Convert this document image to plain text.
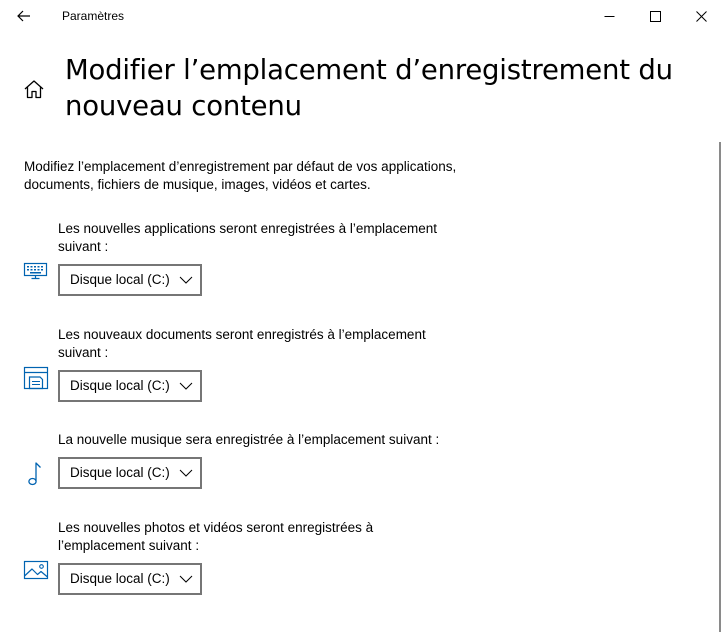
Paramètres
Modifier l’emplacement d’enregistrement du nouveau contenu
Modifiez l’emplacement d’enregistrement par défaut de vos applications, documents, fichiers de musique, images, vidéos et cartes.
Les nouvelles applications seront enregistrées à l’emplacement suivant :
Disque local (C:)
Les nouveaux documents seront enregistrés à l’emplacement suivant :
Disque local (C:)
La nouvelle musique sera enregistrée à l’emplacement suivant :
Disque local (C:)
Les nouvelles photos et vidéos seront enregistrées à l’emplacement suivant :
Disque local (C:)
